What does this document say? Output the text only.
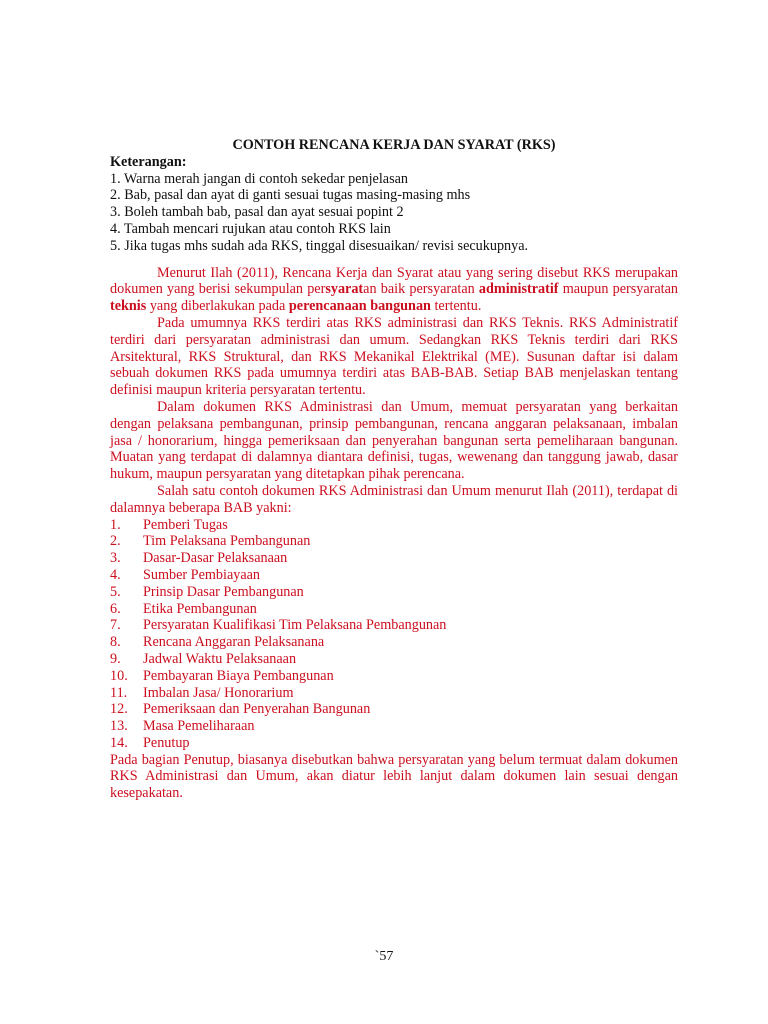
CONTOH RENCANA KERJA DAN SYARAT (RKS)

Keterangan:

1. Warna merah jangan di contoh sekedar penjelasan

2. Bab, pasal dan ayat di ganti sesuai tugas masing-masing mhs

3. Boleh tambah bab, pasal dan ayat sesuai popint 2

4. Tambah mencari rujukan atau contoh RKS lain

5. Jika tugas mhs sudah ada RKS, tinggal disesuaikan/ revisi secukupnya.

Menurut Ilah (2011), Rencana Kerja dan Syarat atau yang sering disebut RKS merupakan dokumen yang berisi sekumpulan persyaratan baik persyaratan administratif maupun persyaratan teknis yang diberlakukan pada perencanaan bangunan tertentu.

Pada umumnya RKS terdiri atas RKS administrasi dan RKS Teknis. RKS Administratif terdiri dari persyaratan administrasi dan umum. Sedangkan RKS Teknis terdiri dari RKS Arsitektural, RKS Struktural, dan RKS Mekanikal Elektrikal (ME). Susunan daftar isi dalam sebuah dokumen RKS pada umumnya terdiri atas BAB-BAB. Setiap BAB menjelaskan tentang definisi maupun kriteria persyaratan tertentu.

Dalam dokumen RKS Administrasi dan Umum, memuat persyaratan yang berkaitan dengan pelaksana pembangunan, prinsip pembangunan, rencana anggaran pelaksanaan, imbalan jasa / honorarium, hingga pemeriksaan dan penyerahan bangunan serta pemeliharaan bangunan. Muatan yang terdapat di dalamnya diantara definisi, tugas, wewenang dan tanggung jawab, dasar hukum, maupun persyaratan yang ditetapkan pihak perencana.

Salah satu contoh dokumen RKS Administrasi dan Umum menurut Ilah (2011), terdapat di dalamnya beberapa BAB yakni:

1.	Pemberi Tugas
2.	Tim Pelaksana Pembangunan
3.	Dasar-Dasar Pelaksanaan
4.	Sumber Pembiayaan
5.	Prinsip Dasar Pembangunan
6.	Etika Pembangunan
7.	Persyaratan Kualifikasi Tim Pelaksana Pembangunan
8.	Rencana Anggaran Pelaksanana
9.	Jadwal Waktu Pelaksanaan
10.	Pembayaran Biaya Pembangunan
11.	Imbalan Jasa/ Honorarium
12.	Pemeriksaan dan Penyerahan Bangunan
13.	Masa Pemeliharaan
14.	Penutup

Pada bagian Penutup, biasanya disebutkan bahwa persyaratan yang belum termuat dalam dokumen RKS Administrasi dan Umum, akan diatur lebih lanjut dalam dokumen lain sesuai dengan kesepakatan.

`57
